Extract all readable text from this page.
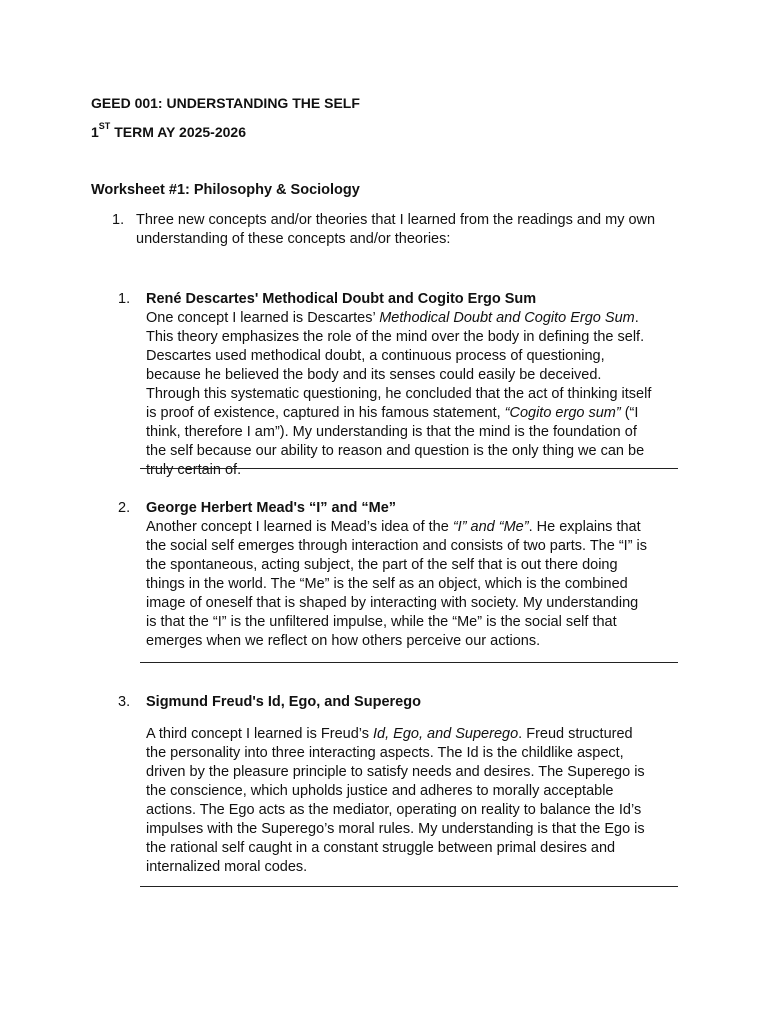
GEED 001: UNDERSTANDING THE SELF
1ST TERM AY 2025-2026
Worksheet #1: Philosophy & Sociology
1. Three new concepts and/or theories that I learned from the readings and my own
understanding of these concepts and/or theories:
1. René Descartes' Methodical Doubt and Cogito Ergo Sum
One concept I learned is Descartes’ Methodical Doubt and Cogito Ergo Sum.
This theory emphasizes the role of the mind over the body in defining the self.
Descartes used methodical doubt, a continuous process of questioning,
because he believed the body and its senses could easily be deceived.
Through this systematic questioning, he concluded that the act of thinking itself
is proof of existence, captured in his famous statement, “Cogito ergo sum” (“I
think, therefore I am”). My understanding is that the mind is the foundation of
the self because our ability to reason and question is the only thing we can be
truly certain of.
2. George Herbert Mead's “I” and “Me”
Another concept I learned is Mead’s idea of the “I” and “Me”. He explains that
the social self emerges through interaction and consists of two parts. The “I” is
the spontaneous, acting subject, the part of the self that is out there doing
things in the world. The “Me” is the self as an object, which is the combined
image of oneself that is shaped by interacting with society. My understanding
is that the “I” is the unfiltered impulse, while the “Me” is the social self that
emerges when we reflect on how others perceive our actions.
3. Sigmund Freud's Id, Ego, and Superego
A third concept I learned is Freud’s Id, Ego, and Superego. Freud structured
the personality into three interacting aspects. The Id is the childlike aspect,
driven by the pleasure principle to satisfy needs and desires. The Superego is
the conscience, which upholds justice and adheres to morally acceptable
actions. The Ego acts as the mediator, operating on reality to balance the Id’s
impulses with the Superego’s moral rules. My understanding is that the Ego is
the rational self caught in a constant struggle between primal desires and
internalized moral codes.
